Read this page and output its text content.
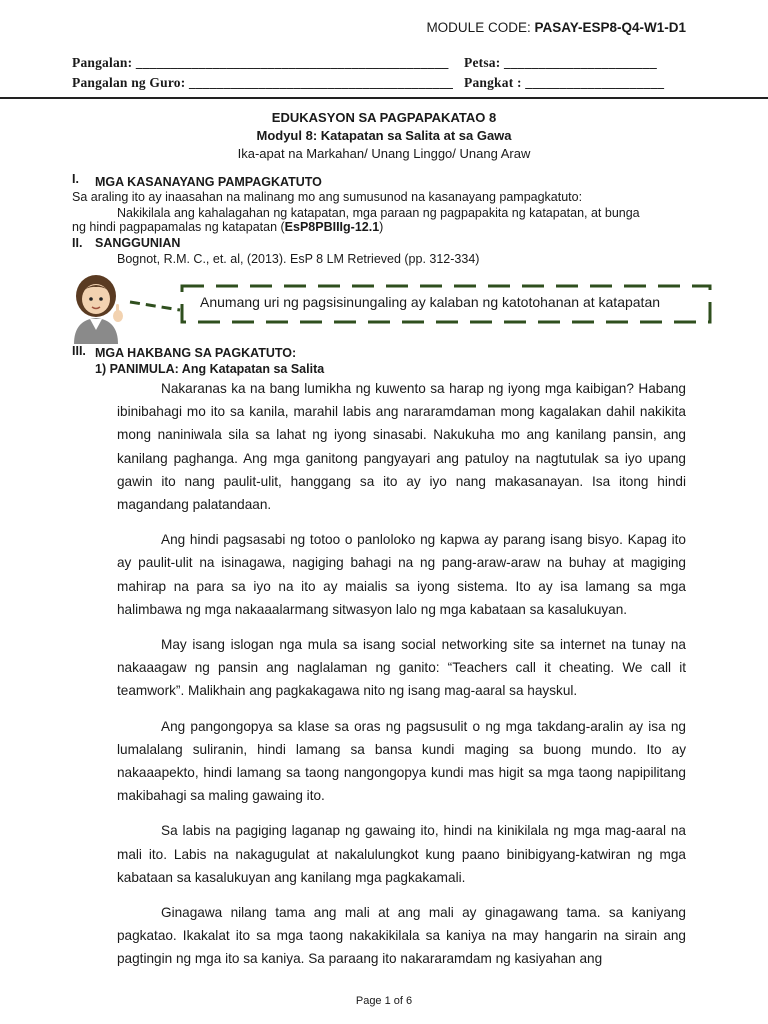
MODULE CODE: PASAY-ESP8-Q4-W1-D1
Pangalan: _____________________________________________ Petsa: ______________________
Pangalan ng Guro: ______________________________________ Pangkat : ____________________
EDUKASYON SA PAGPAPAKATAO 8
Modyul 8: Katapatan sa Salita at sa Gawa
Ika-apat na Markahan/ Unang Linggo/ Unang Araw
I. MGA KASANAYANG PAMPAGKATUTO
Sa araling ito ay inaasahan na malinang mo ang sumusunod na kasanayang pampagkatuto:
Nakikilala ang kahalagahan ng katapatan, mga paraan ng pagpapakita ng katapatan, at bunga
ng hindi pagpapamalas ng katapatan (EsP8PBIIIg-12.1)
II. SANGGUNIAN
Bognot, R.M. C., et. al, (2013). EsP 8 LM Retrieved (pp. 312-334)
Anumang uri ng pagsisinungaling ay kalaban ng katotohanan at katapatan
III. MGA HAKBANG SA PAGKATUTO:
1) PANIMULA: Ang Katapatan sa Salita

Nakaranas ka na bang lumikha ng kuwento sa harap ng iyong mga kaibigan? Habang ibinibahagi mo ito sa kanila, marahil labis ang nararamdaman mong kagalakan dahil nakikita mong naniniwala sila sa lahat ng iyong sinasabi. Nakukuha mo ang kanilang pansin, ang kanilang paghanga. Ang mga ganitong pangyayari ang patuloy na nagtutulak sa iyo upang gawin ito nang paulit-ulit, hanggang sa ito ay iyo nang makasanayan. Isa itong hindi magandang palatandaan.

Ang hindi pagsasabi ng totoo o panloloko ng kapwa ay parang isang bisyo. Kapag ito ay paulit-ulit na isinagawa, nagiging bahagi na ng pang-araw-araw na buhay at magiging mahirap na para sa iyo na ito ay maialis sa iyong sistema. Ito ay isa lamang sa mga halimbawa ng mga nakaaalarmang sitwasyon lalo ng mga kabataan sa kasalukuyan.

May isang islogan nga mula sa isang social networking site sa internet na tunay na nakaaagaw ng pansin ang naglalaman ng ganito: “Teachers call it cheating. We call it teamwork”. Malikhain ang pagkakagawa nito ng isang mag-aaral sa hayskul.

Ang pangongopya sa klase sa oras ng pagsusulit o ng mga takdang-aralin ay isa ng lumalalang suliranin, hindi lamang sa bansa kundi maging sa buong mundo. Ito ay nakaaapekto, hindi lamang sa taong nangongopya kundi mas higit sa mga taong napipilitang makibahagi sa maling gawaing ito.

Sa labis na pagiging laganap ng gawaing ito, hindi na kinikilala ng mga mag-aaral na mali ito. Labis na nakagugulat at nakalulungkot kung paano binibigyang-katwiran ng mga kabataan sa kasalukuyan ang kanilang mga pagkakamali.

Ginagawa nilang tama ang mali at ang mali ay ginagawang tama. sa kaniyang pagkatao. Ikakalat ito sa mga taong nakakikilala sa kaniya na may hangarin na sirain ang pagtingin ng mga ito sa kaniya. Sa paraang ito nakararamdam ng kasiyahan ang

Page 1 of 6
